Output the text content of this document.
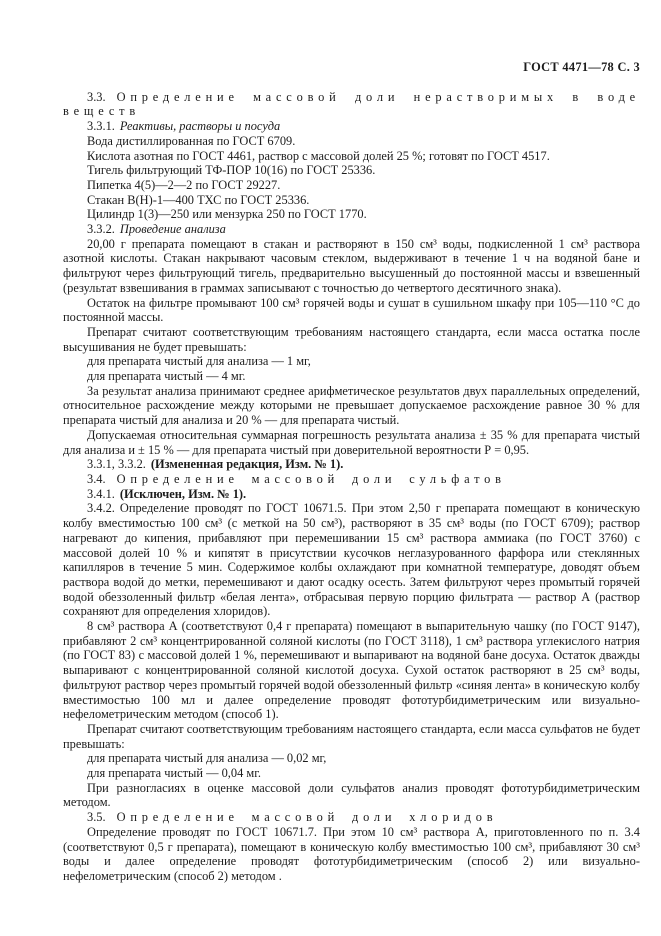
ГОСТ 4471—78 С. 3

3.3. Определение массовой доли нерастворимых в воде веществ

3.3.1. Реактивы, растворы и посуда

Вода дистиллированная по ГОСТ 6709.

Кислота азотная по ГОСТ 4461, раствор с массовой долей 25 %; готовят по ГОСТ 4517.

Тигель фильтрующий ТФ-ПОР 10(16) по ГОСТ 25336.

Пипетка 4(5)—2—2 по ГОСТ 29227.

Стакан В(Н)-1—400 ТХС по ГОСТ 25336.

Цилиндр 1(3)—250 или мензурка 250 по ГОСТ 1770.

3.3.2. Проведение анализа

20,00 г препарата помещают в стакан и растворяют в 150 см³ воды, подкисленной 1 см³ раствора азотной кислоты. Стакан накрывают часовым стеклом, выдерживают в течение 1 ч на водяной бане и фильтруют через фильтрующий тигель, предварительно высушенный до постоянной массы и взвешенный (результат взвешивания в граммах записывают с точностью до четвертого десятичного знака).

Остаток на фильтре промывают 100 см³ горячей воды и сушат в сушильном шкафу при 105—110 °С до постоянной массы.

Препарат считают соответствующим требованиям настоящего стандарта, если масса остатка после высушивания не будет превышать:

для препарата чистый для анализа — 1 мг,

для препарата чистый — 4 мг.

За результат анализа принимают среднее арифметическое результатов двух параллельных определений, относительное расхождение между которыми не превышает допускаемое расхождение равное 30 % для препарата чистый для анализа и 20 % — для препарата чистый.

Допускаемая относительная суммарная погрешность результата анализа ± 35 % для препарата чистый для анализа и ± 15 % — для препарата чистый при доверительной вероятности Р = 0,95.

3.3.1, 3.3.2. (Измененная редакция, Изм. № 1).

3.4. Определение массовой доли сульфатов

3.4.1. (Исключен, Изм. № 1).

3.4.2. Определение проводят по ГОСТ 10671.5. При этом 2,50 г препарата помещают в коническую колбу вместимостью 100 см³ (с меткой на 50 см³), растворяют в 35 см³ воды (по ГОСТ 6709); раствор нагревают до кипения, прибавляют при перемешивании 15 см³ раствора аммиака (по ГОСТ 3760) с массовой долей 10 % и кипятят в присутствии кусочков неглазурованного фарфора или стеклянных капилляров в течение 5 мин. Содержимое колбы охлаждают при комнатной температуре, доводят объем раствора водой до метки, перемешивают и дают осадку осесть. Затем фильтруют через промытый горячей водой обеззоленный фильтр «белая лента», отбрасывая первую порцию фильтрата — раствор А (раствор сохраняют для определения хлоридов).

8 см³ раствора А (соответствуют 0,4 г препарата) помещают в выпарительную чашку (по ГОСТ 9147), прибавляют 2 см³ концентрированной соляной кислоты (по ГОСТ 3118), 1 см³ раствора углекислого натрия (по ГОСТ 83) с массовой долей 1 %, перемешивают и выпаривают на водяной бане досуха. Остаток дважды выпаривают с концентрированной соляной кислотой досуха. Сухой остаток растворяют в 25 см³ воды, фильтруют раствор через промытый горячей водой обеззоленный фильтр «синяя лента» в коническую колбу вместимостью 100 мл и далее определение проводят фототурбидиметрическим или визуально-нефелометрическим методом (способ 1).

Препарат считают соответствующим требованиям настоящего стандарта, если масса сульфатов не будет превышать:

для препарата чистый для анализа — 0,02 мг,

для препарата чистый — 0,04 мг.

При разногласиях в оценке массовой доли сульфатов анализ проводят фототурбидиметрическим методом.

3.5. Определение массовой доли хлоридов

Определение проводят по ГОСТ 10671.7. При этом 10 см³ раствора А, приготовленного по п. 3.4 (соответствуют 0,5 г препарата), помещают в коническую колбу вместимостью 100 см³, прибавляют 30 см³ воды и далее определение проводят фототурбидиметрическим (способ 2) или визуально-нефелометрическим (способ 2) методом .
